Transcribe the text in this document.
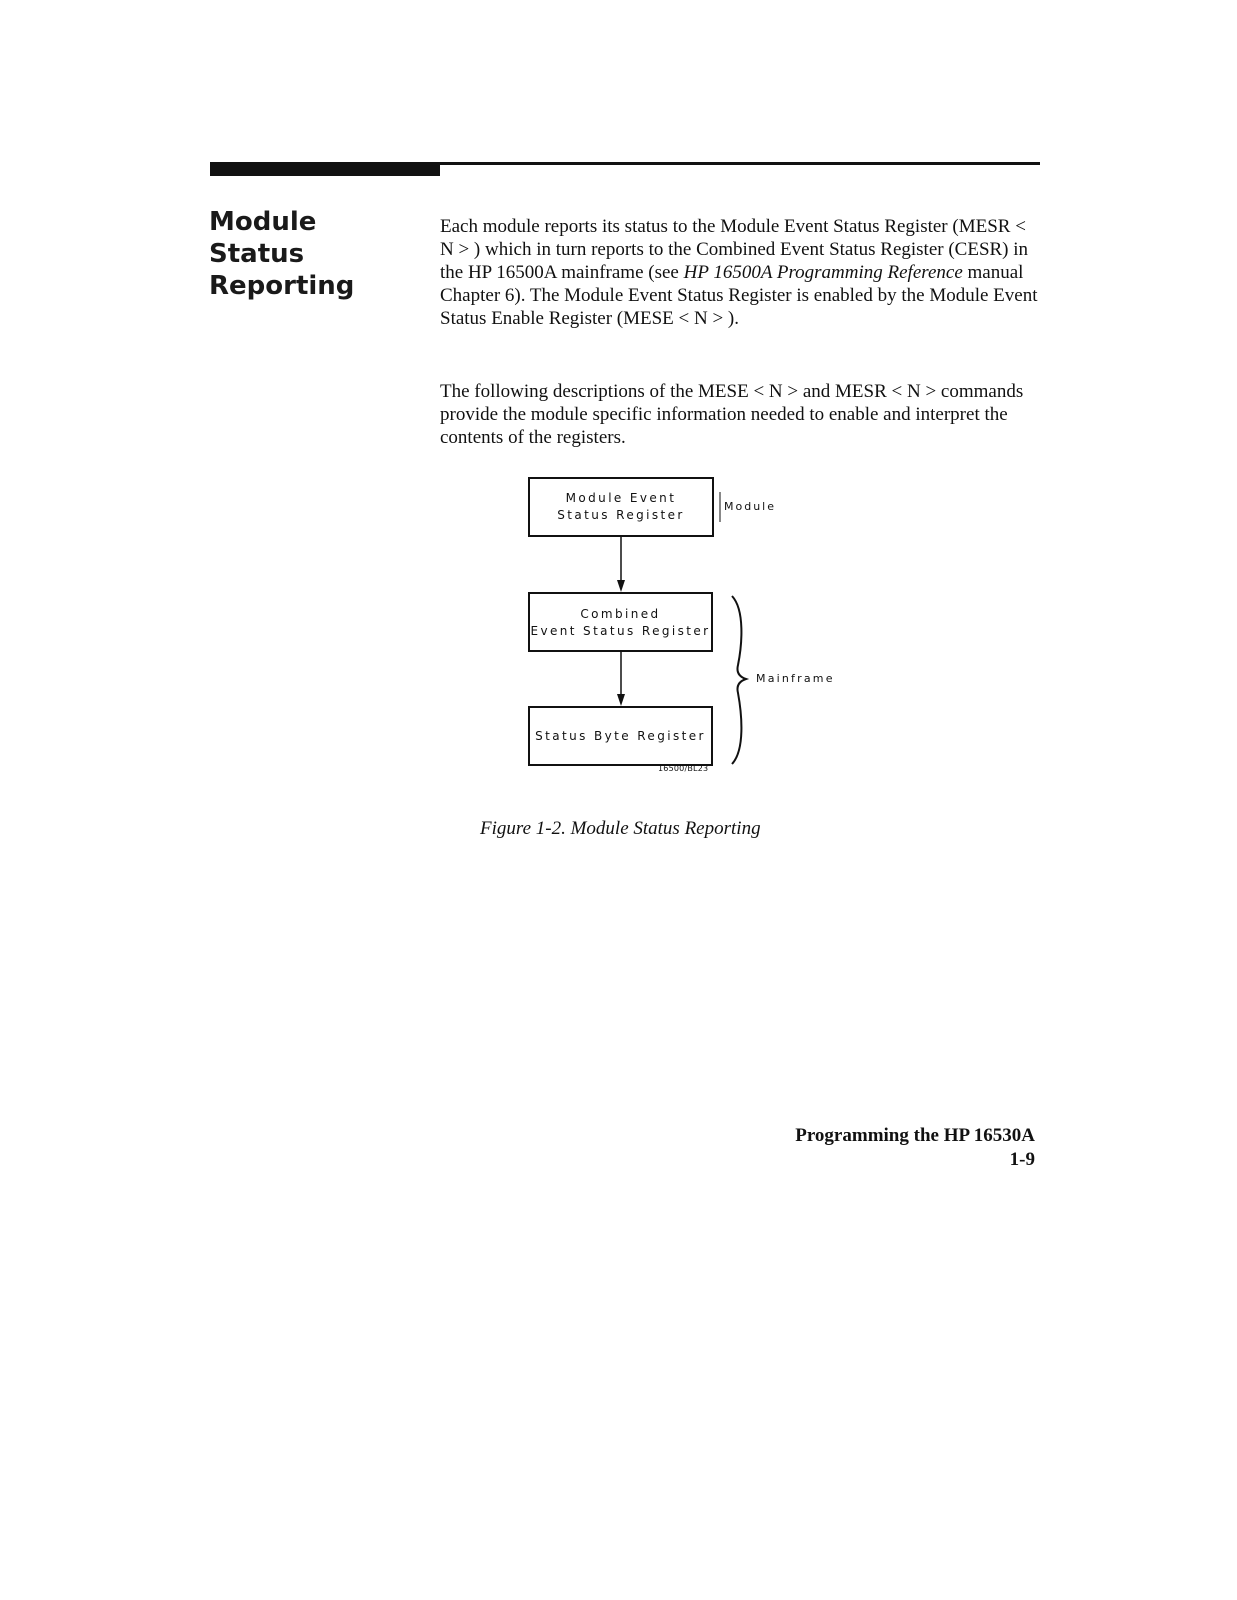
Module Status
Reporting

Each module reports its status to the Module Event Status Register (MESR < N > ) which in turn reports to the Combined Event Status Register (CESR) in the HP 16500A mainframe (see HP 16500A Programming Reference manual Chapter 6). The Module Event Status Register is enabled by the Module Event Status Enable Register (MESE < N > ).

The following descriptions of the MESE < N > and MESR < N > commands provide the module specific information needed to enable and interpret the contents of the registers.

Module Event
Status Register
Combined
Event Status Register
Status Byte Register
Module
Mainframe
16500/BL23

Figure 1-2. Module Status Reporting

Programming the HP 16530A
1-9
